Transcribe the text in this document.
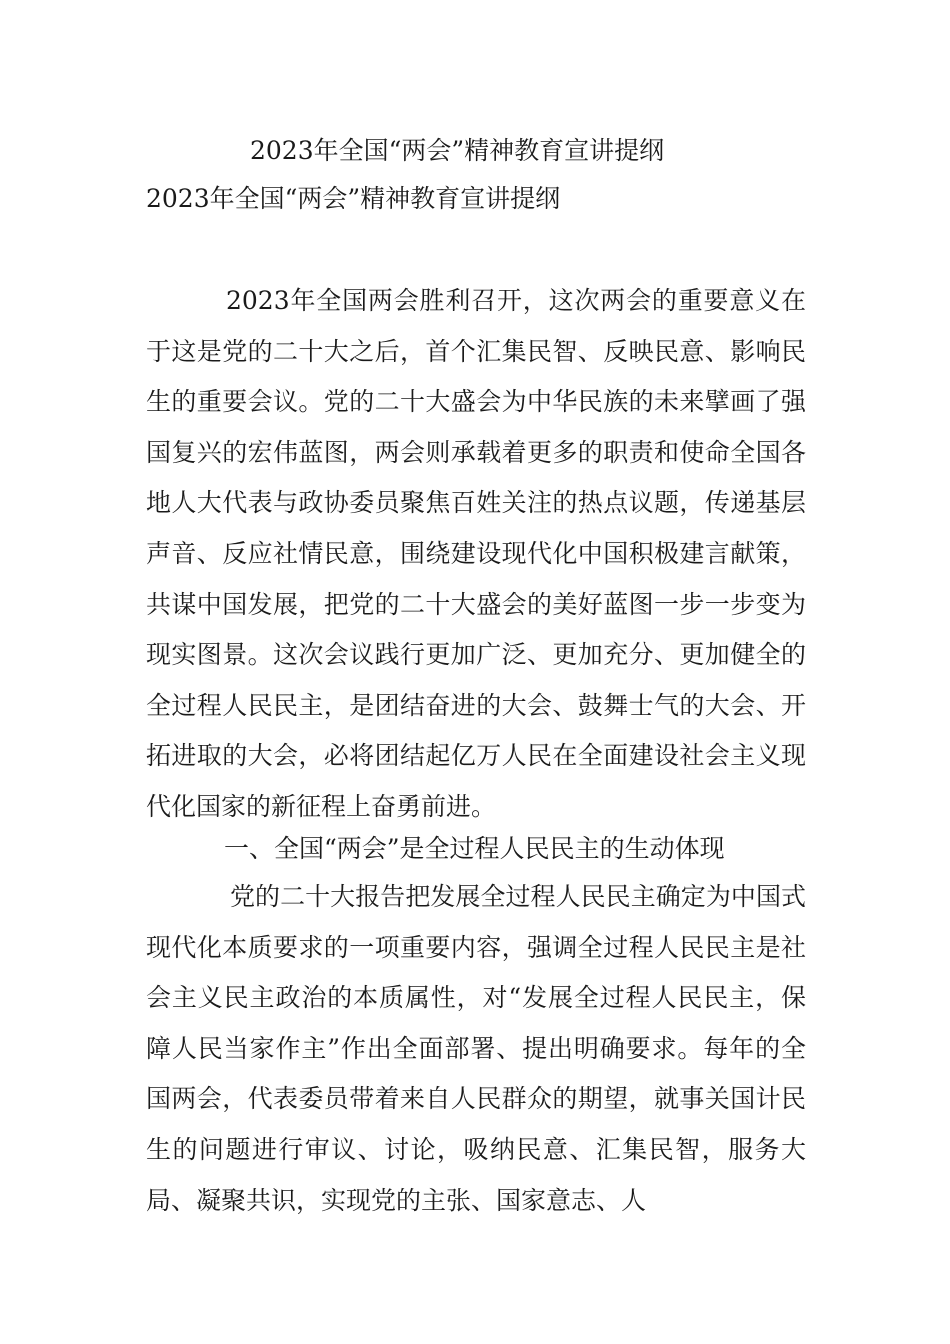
2023年全国“两会”精神教育宣讲提纲
2023年全国“两会”精神教育宣讲提纲

2023年全国两会胜利召开，这次两会的重要意义在于这是党的二十大之后，首个汇集民智、反映民意、影响民生的重要会议。党的二十大盛会为中华民族的未来擘画了强国复兴的宏伟蓝图，两会则承载着更多的职责和使命全国各地人大代表与政协委员聚焦百姓关注的热点议题，传递基层声音、反应社情民意，围绕建设现代化中国积极建言献策，共谋中国发展，把党的二十大盛会的美好蓝图一步一步变为现实图景。这次会议践行更加广泛、更加充分、更加健全的全过程人民民主，是团结奋进的大会、鼓舞士气的大会、开拓进取的大会，必将团结起亿万人民在全面建设社会主义现代化国家的新征程上奋勇前进。

一、全国“两会”是全过程人民民主的生动体现

党的二十大报告把发展全过程人民民主确定为中国式现代化本质要求的一项重要内容，强调全过程人民民主是社会主义民主政治的本质属性，对“发展全过程人民民主，保障人民当家作主”作出全面部署、提出明确要求。每年的全国两会，代表委员带着来自人民群众的期望，就事关国计民生的问题进行审议、讨论，吸纳民意、汇集民智，服务大局、凝聚共识，实现党的主张、国家意志、人
